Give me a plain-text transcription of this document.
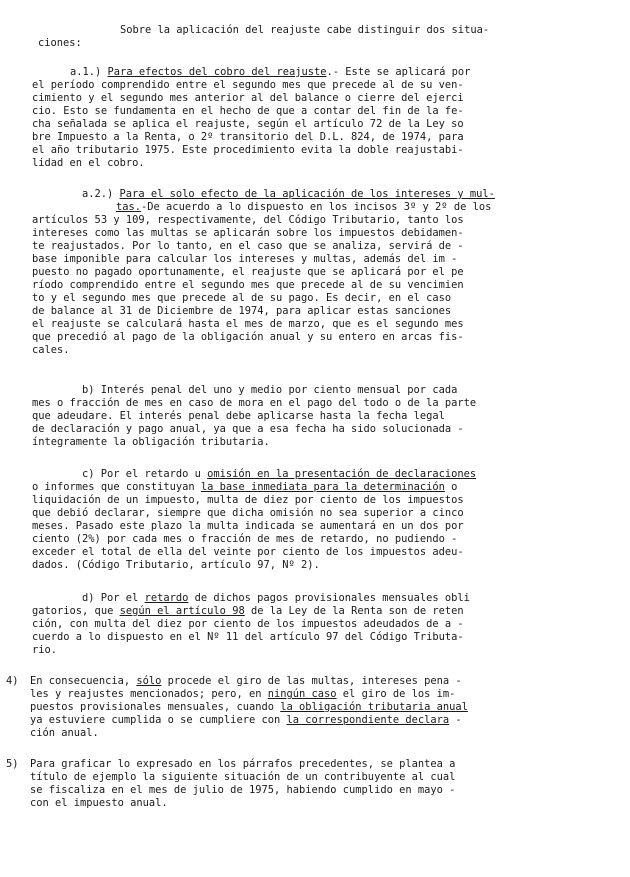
Sobre la aplicación del reajuste cabe distinguir dos situa-
ciones:
a.1.) Para efectos del cobro del reajuste.- Este se aplicará por
el período comprendido entre el segundo mes que precede al de su ven-
cimiento y el segundo mes anterior al del balance o cierre del ejerci
cio. Esto se fundamenta en el hecho de que a contar del fin de la fe-
cha señalada se aplica el reajuste, según el artículo 72 de la Ley so
bre Impuesto a la Renta, o 2º transitorio del D.L. 824, de 1974, para
el año tributario 1975. Este procedimiento evita la doble reajustabi-
lidad en el cobro.
a.2.) Para el solo efecto de la aplicación de los intereses y mul-
tas.-De acuerdo a lo dispuesto en los incisos 3º y 2º de los
artículos 53 y 109, respectivamente, del Código Tributario, tanto los
intereses como las multas se aplicarán sobre los impuestos debidamen-
te reajustados. Por lo tanto, en el caso que se analiza, servirá de -
base imponible para calcular los intereses y multas, además del im -
puesto no pagado oportunamente, el reajuste que se aplicará por el pe
ríodo comprendido entre el segundo mes que precede al de su vencimien
to y el segundo mes que precede al de su pago. Es decir, en el caso
de balance al 31 de Diciembre de 1974, para aplicar estas sanciones
el reajuste se calculará hasta el mes de marzo, que es el segundo mes
que precedió al pago de la obligación anual y su entero en arcas fis-
cales.
b) Interés penal del uno y medio por ciento mensual por cada
mes o fracción de mes en caso de mora en el pago del todo o de la parte
que adeudare. El interés penal debe aplicarse hasta la fecha legal
de declaración y pago anual, ya que a esa fecha ha sido solucionada -
íntegramente la obligación tributaria.
c) Por el retardo u omisión en la presentación de declaraciones
o informes que constituyan la base inmediata para la determinación o
liquidación de un impuesto, multa de diez por ciento de los impuestos
que debió declarar, siempre que dicha omisión no sea superior a cinco
meses. Pasado este plazo la multa indicada se aumentará en un dos por
ciento (2%) por cada mes o fracción de mes de retardo, no pudiendo -
exceder el total de ella del veinte por ciento de los impuestos adeu-
dados. (Código Tributario, artículo 97, Nº 2).
d) Por el retardo de dichos pagos provisionales mensuales obli
gatorios, que según el artículo 98 de la Ley de la Renta son de reten
ción, con multa del diez por ciento de los impuestos adeudados de a -
cuerdo a lo dispuesto en el Nº 11 del artículo 97 del Código Tributa-
rio.
4) En consecuencia, sólo procede el giro de las multas, intereses pena -
les y reajustes mencionados; pero, en ningún caso el giro de los im-
puestos provisionales mensuales, cuando la obligación tributaria anual
ya estuviere cumplida o se cumpliere con la correspondiente declara -
ción anual.
5) Para graficar lo expresado en los párrafos precedentes, se plantea a
título de ejemplo la siguiente situación de un contribuyente al cual
se fiscaliza en el mes de julio de 1975, habiendo cumplido en mayo -
con el impuesto anual.
